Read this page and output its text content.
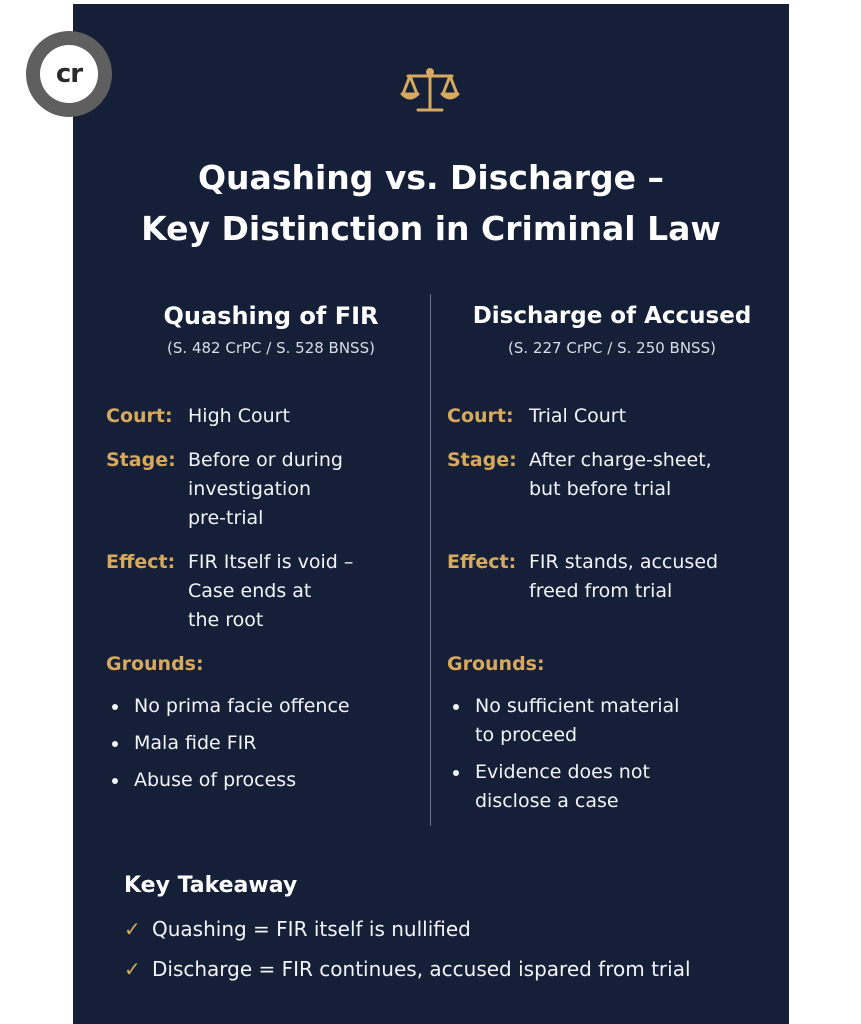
cr
Quashing vs. Discharge –
Key Distinction in Criminal Law
Quashing of FIR
(S. 482 CrPC / S. 528 BNSS)
Court: High Court
Stage: Before or during
investigation
pre-trial
Effect: FIR Itself is void –
Case ends at
the root
Grounds:
No prima facie offence
Mala fide FIR
Abuse of process
Discharge of Accused
(S. 227 CrPC / S. 250 BNSS)
Court: Trial Court
Stage: After charge-sheet,
but before trial
Effect: FIR stands, accused
freed from trial
Grounds:
No sufficient material
to proceed
Evidence does not
disclose a case
Key Takeaway
✓ Quashing = FIR itself is nullified
✓ Discharge = FIR continues, accused ispared from trial
